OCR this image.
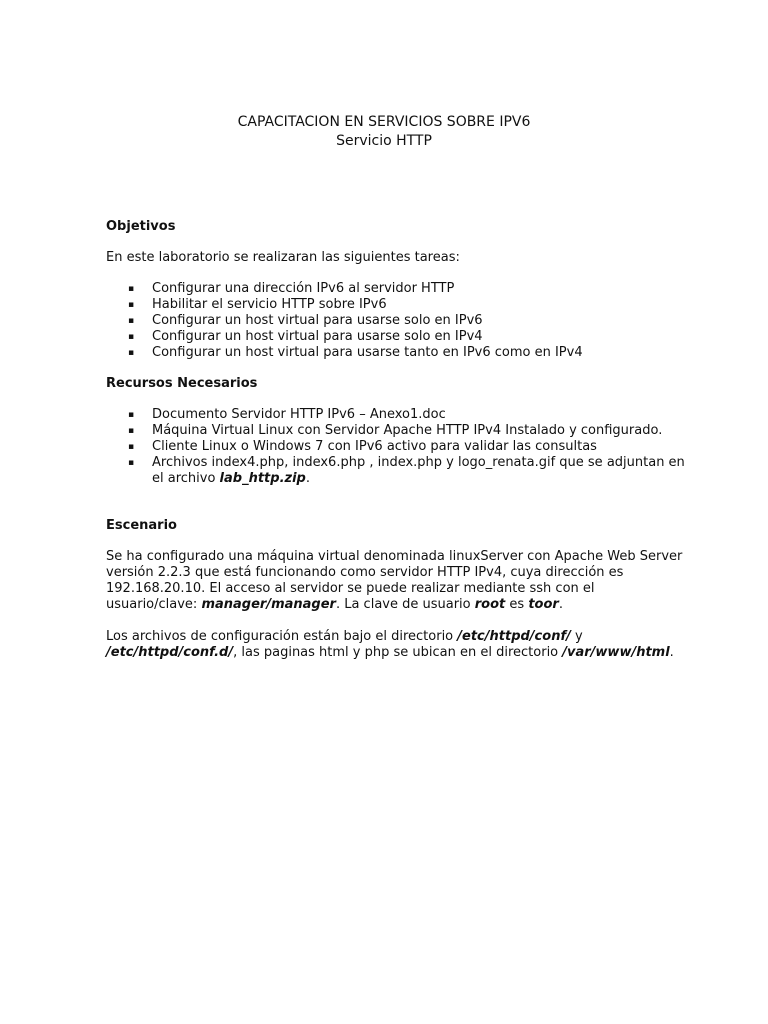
CAPACITACION EN SERVICIOS SOBRE IPV6
Servicio HTTP
Objetivos

En este laboratorio se realizaran las siguientes tareas:

▪ Configurar una dirección IPv6 al servidor HTTP
▪ Habilitar el servicio HTTP sobre IPv6
▪ Configurar un host virtual para usarse solo en IPv6
▪ Configurar un host virtual para usarse solo en IPv4
▪ Configurar un host virtual para usarse tanto en IPv6 como en IPv4
Recursos Necesarios
▪ Documento Servidor HTTP IPv6 – Anexo1.doc
▪ Máquina Virtual Linux con Servidor Apache HTTP IPv4 Instalado y configurado.
▪ Cliente Linux o Windows 7 con IPv6 activo para validar las consultas
▪ Archivos index4.php, index6.php , index.php y logo_renata.gif que se adjuntan en el archivo lab_http.zip.
Escenario

Se ha configurado una máquina virtual denominada linuxServer con Apache Web Server versión 2.2.3 que está funcionando como servidor HTTP IPv4, cuya dirección es 192.168.20.10. El acceso al servidor se puede realizar mediante ssh con el usuario/clave: manager/manager. La clave de usuario root es toor.

Los archivos de configuración están bajo el directorio /etc/httpd/conf/ y /etc/httpd/conf.d/, las paginas html y php se ubican en el directorio /var/www/html.
